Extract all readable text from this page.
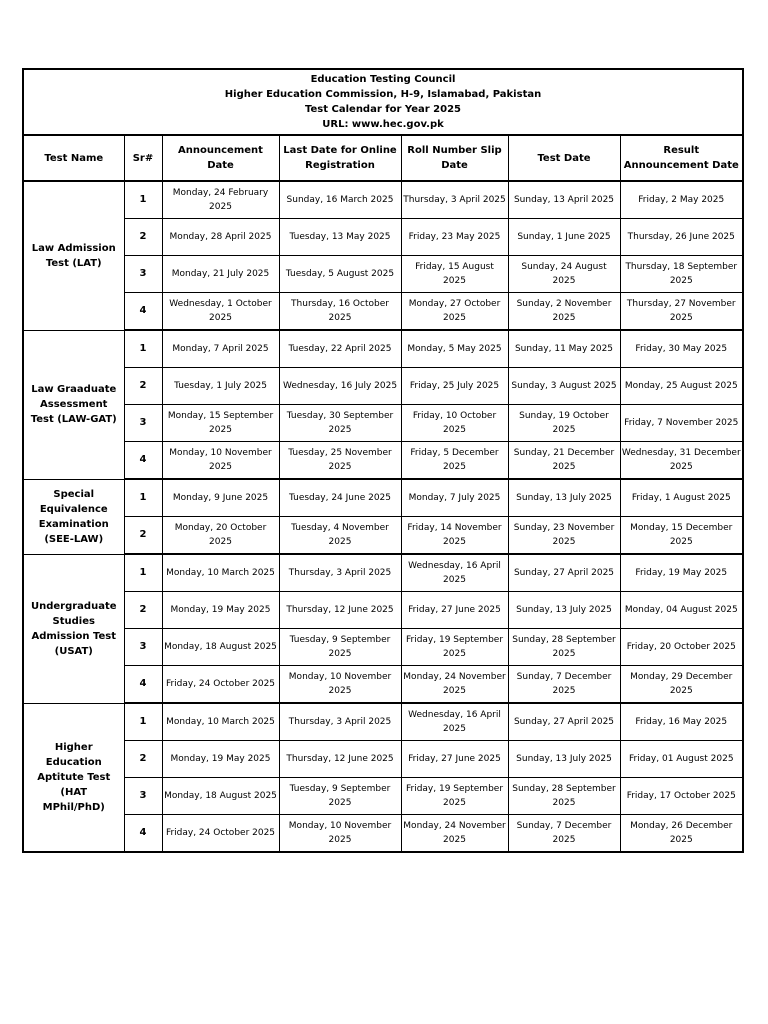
Education Testing Council
Higher Education Commission, H-9, Islamabad, Pakistan
Test Calendar for Year 2025
URL: www.hec.gov.pk						

Test Name	Sr#	Announcement Date	Last Date for Online Registration	Roll Number Slip Date	Test Date	Result Announcement Date
Law Admission Test (LAT)	1	Monday, 24 February 2025	Sunday, 16 March 2025	Thursday, 3 April 2025	Sunday, 13 April 2025	Friday, 2 May 2025
	2	Monday, 28 April 2025	Tuesday, 13 May 2025	Friday, 23 May 2025	Sunday, 1 June 2025	Thursday, 26 June 2025
	3	Monday, 21 July 2025	Tuesday, 5 August 2025	Friday, 15 August 2025	Sunday, 24 August 2025	Thursday, 18 September 2025
	4	Wednesday, 1 October 2025	Thursday, 16 October 2025	Monday, 27 October 2025	Sunday, 2 November 2025	Thursday, 27 November 2025
Law Graaduate Assessment Test (LAW-GAT)	1	Monday, 7 April 2025	Tuesday, 22 April 2025	Monday, 5 May 2025	Sunday, 11 May 2025	Friday, 30 May 2025
	2	Tuesday, 1 July 2025	Wednesday, 16 July 2025	Friday, 25 July 2025	Sunday, 3 August 2025	Monday, 25 August 2025
	3	Monday, 15 September 2025	Tuesday, 30 September 2025	Friday, 10 October 2025	Sunday, 19 October 2025	Friday, 7 November 2025
	4	Monday, 10 November 2025	Tuesday, 25 November 2025	Friday, 5 December 2025	Sunday, 21 December 2025	Wednesday, 31 December 2025
Special Equivalence Examination (SEE-LAW)	1	Monday, 9 June 2025	Tuesday, 24 June 2025	Monday, 7 July 2025	Sunday, 13 July 2025	Friday, 1 August 2025
	2	Monday, 20 October 2025	Tuesday, 4 November 2025	Friday, 14 November 2025	Sunday, 23 November 2025	Monday, 15 December 2025
Undergraduate Studies Admission Test (USAT)	1	Monday, 10 March 2025	Thursday, 3 April 2025	Wednesday, 16 April 2025	Sunday, 27 April 2025	Friday, 19 May 2025
	2	Monday, 19 May 2025	Thursday, 12 June 2025	Friday, 27 June 2025	Sunday, 13 July 2025	Monday, 04 August 2025
	3	Monday, 18 August 2025	Tuesday, 9 September 2025	Friday, 19 September 2025	Sunday, 28 September 2025	Friday, 20 October 2025
	4	Friday, 24 October 2025	Monday, 10 November 2025	Monday, 24 November 2025	Sunday, 7 December 2025	Monday, 29 December 2025
Higher Education Aptitute Test (HAT MPhil/PhD)	1	Monday, 10 March 2025	Thursday, 3 April 2025	Wednesday, 16 April 2025	Sunday, 27 April 2025	Friday, 16 May 2025
	2	Monday, 19 May 2025	Thursday, 12 June 2025	Friday, 27 June 2025	Sunday, 13 July 2025	Friday, 01 August 2025
	3	Monday, 18 August 2025	Tuesday, 9 September 2025	Friday, 19 September 2025	Sunday, 28 September 2025	Friday, 17 October 2025
	4	Friday, 24 October 2025	Monday, 10 November 2025	Monday, 24 November 2025	Sunday, 7 December 2025	Monday, 26 December 2025
